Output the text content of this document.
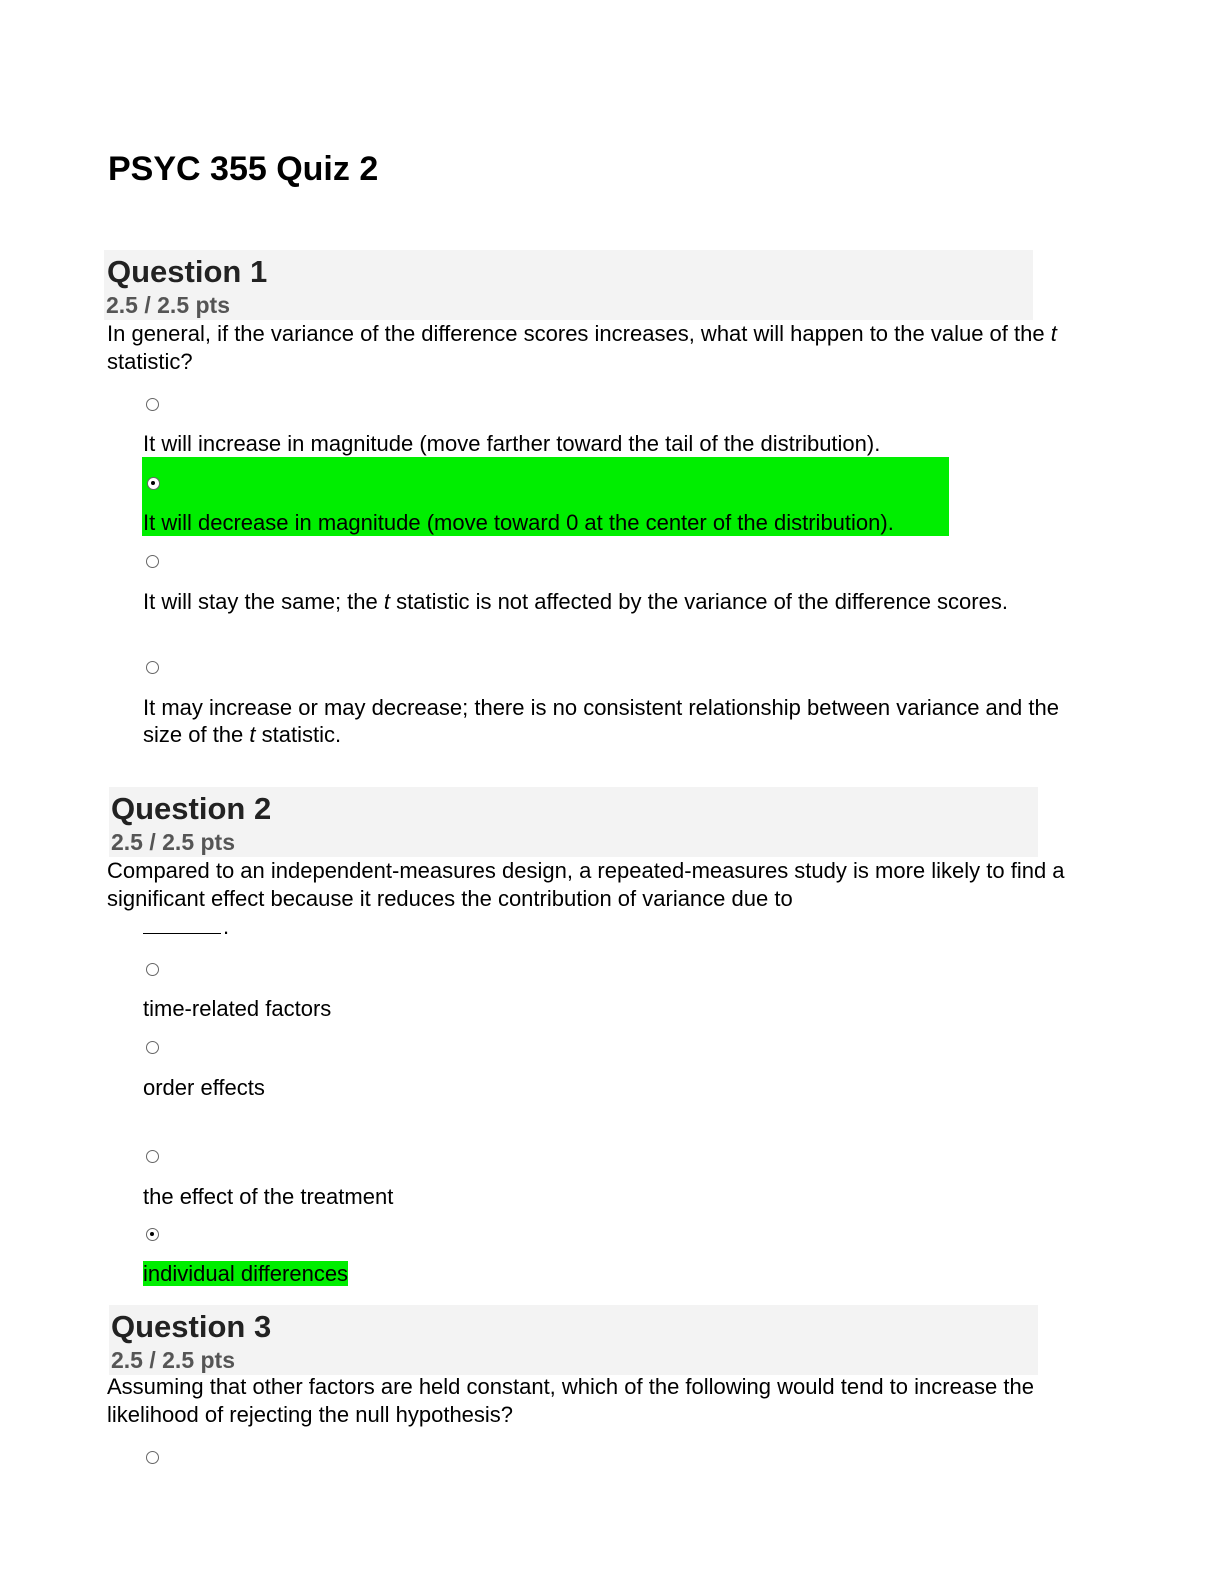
PSYC 355 Quiz 2
Question 1
2.5 / 2.5 pts
In general, if the variance of the difference scores increases, what will happen to the value of the t statistic?
It will increase in magnitude (move farther toward the tail of the distribution).
It will decrease in magnitude (move toward 0 at the center of the distribution).
It will stay the same; the t statistic is not affected by the variance of the difference scores.
It may increase or may decrease; there is no consistent relationship between variance and the size of the t statistic.
Question 2
2.5 / 2.5 pts
Compared to an independent-measures design, a repeated-measures study is more likely to find a significant effect because it reduces the contribution of variance due to
.
time-related factors
order effects
the effect of the treatment
individual differences
Question 3
2.5 / 2.5 pts
Assuming that other factors are held constant, which of the following would tend to increase the likelihood of rejecting the null hypothesis?
